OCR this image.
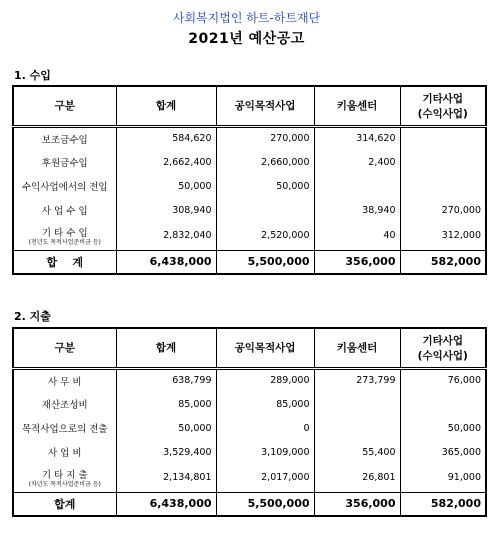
사회복지법인 하트-하트재단
2021년 예산공고
1. 수입
구분	합계	공익목적사업	키움센터	기타사업
(수익사업)
보조금수입	584,620	270,000	314,620	
후원금수입	2,662,400	2,660,000	2,400	
수익사업에서의 전입	50,000	50,000		
사 업 수 입	308,940		38,940	270,000
기 타 수 입
(전년도 목적사업준비금 등)	2,832,040	2,520,000	40	312,000
합    계	6,438,000	5,500,000	356,000	582,000
2. 지출
구분	합계	공익목적사업	키움센터	기타사업
(수익사업)
사 무 비	638,799	289,000	273,799	76,000
재산조성비	85,000	85,000		
목적사업으로의 전출	50,000	0		50,000
사 업 비	3,529,400	3,109,000	55,400	365,000
기 타 지 출
(차년도 목적사업준비금 등)	2,134,801	2,017,000	26,801	91,000
합계	6,438,000	5,500,000	356,000	582,000
